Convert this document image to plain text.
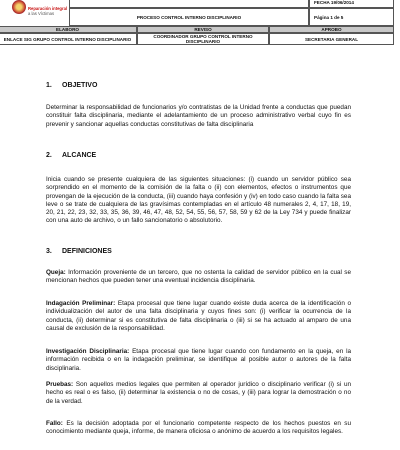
Reparación integral
a las Víctimas
PROCESO CONTROL INTERNO DISCIPLINARIO
FECHA 19/06/2014
Página 1 de 5
ELABORO	REVISO	APROBO
ENLACE SIG GRUPO CONTROL INTERNO DISCIPLINARIO	COORDINADOR GRUPO CONTROL INTERNO DISCIPLINARIO	SECRETARIA GENERAL
1. OBJETIVO
Determinar la responsabilidad de funcionarios y/o contratistas de la Unidad frente a conductas que puedan constituir falta disciplinaria, mediante el adelantamiento de un proceso administrativo verbal cuyo fin es prevenir y sancionar aquellas conductas constitutivas de falta disciplinaria
2. ALCANCE
Inicia cuando se presente cualquiera de las siguientes situaciones: (i) cuando un servidor público sea sorprendido en el momento de la comisión de la falta o (ii) con elementos, efectos o instrumentos que provengan de la ejecución de la conducta, (iii) cuando haya confesión y (iv) en todo caso cuando la falta sea leve o se trate de cualquiera de las gravísimas contempladas en el artículo 48 numerales 2, 4, 17, 18, 19, 20, 21, 22, 23, 32, 33, 35, 36, 39, 46, 47, 48, 52, 54, 55, 56, 57, 58, 59 y 62 de la Ley 734 y puede finalizar con una auto de archivo, o un fallo sancionatorio o absolutorio.
3. DEFINICIONES
Queja: Información proveniente de un tercero, que no ostenta la calidad de servidor público en la cual se mencionan hechos que pueden tener una eventual incidencia disciplinaria.
Indagación Preliminar: Etapa procesal que tiene lugar cuando existe duda acerca de la identificación o individualización del autor de una falta disciplinaria y cuyos fines son: (i) verificar la ocurrencia de la conducta, (ii) determinar si es constitutiva de falta disciplinaria o (iii) si se ha actuado al amparo de una causal de exclusión de la responsabilidad.
Investigación Disciplinaria: Etapa procesal que tiene lugar cuando con fundamento en la queja, en la información recibida o en la indagación preliminar, se identifique al posible autor o autores de la falta disciplinaria.
Pruebas: Son aquellos medios legales que permiten al operador jurídico o disciplinario verificar (i) si un hecho es real o es falso, (ii) determinar la existencia o no de cosas, y (iii) para lograr la demostración o no de la verdad.
Fallo: Es la decisión adoptada por el funcionario competente respecto de los hechos puestos en su conocimiento mediante queja, informe, de manera oficiosa o anónimo de acuerdo a los requisitos legales.
